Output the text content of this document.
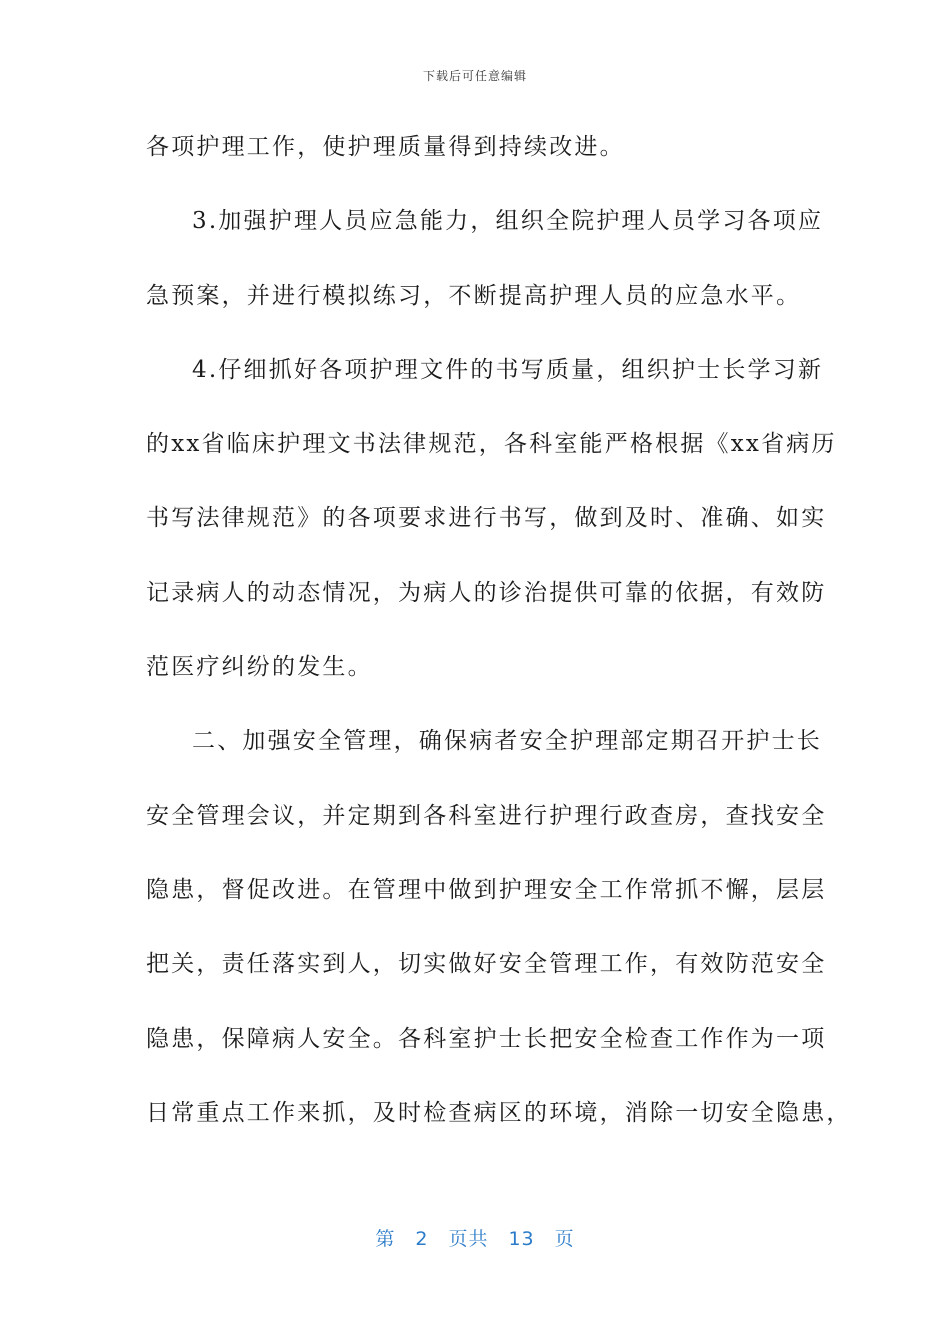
下载后可任意编辑
各项护理工作，使护理质量得到持续改进。
3.加强护理人员应急能力，组织全院护理人员学习各项应
急预案，并进行模拟练习，不断提高护理人员的应急水平。
4.仔细抓好各项护理文件的书写质量，组织护士长学习新
的xx省临床护理文书法律规范，各科室能严格根据《xx省病历
书写法律规范》的各项要求进行书写，做到及时、准确、如实
记录病人的动态情况，为病人的诊治提供可靠的依据，有效防
范医疗纠纷的发生。
二、加强安全管理，确保病者安全护理部定期召开护士长
安全管理会议，并定期到各科室进行护理行政查房，查找安全
隐患，督促改进。在管理中做到护理安全工作常抓不懈，层层
把关，责任落实到人，切实做好安全管理工作，有效防范安全
隐患，保障病人安全。各科室护士长把安全检查工作作为一项
日常重点工作来抓，及时检查病区的环境，消除一切安全隐患，
第 2 页共 13 页
